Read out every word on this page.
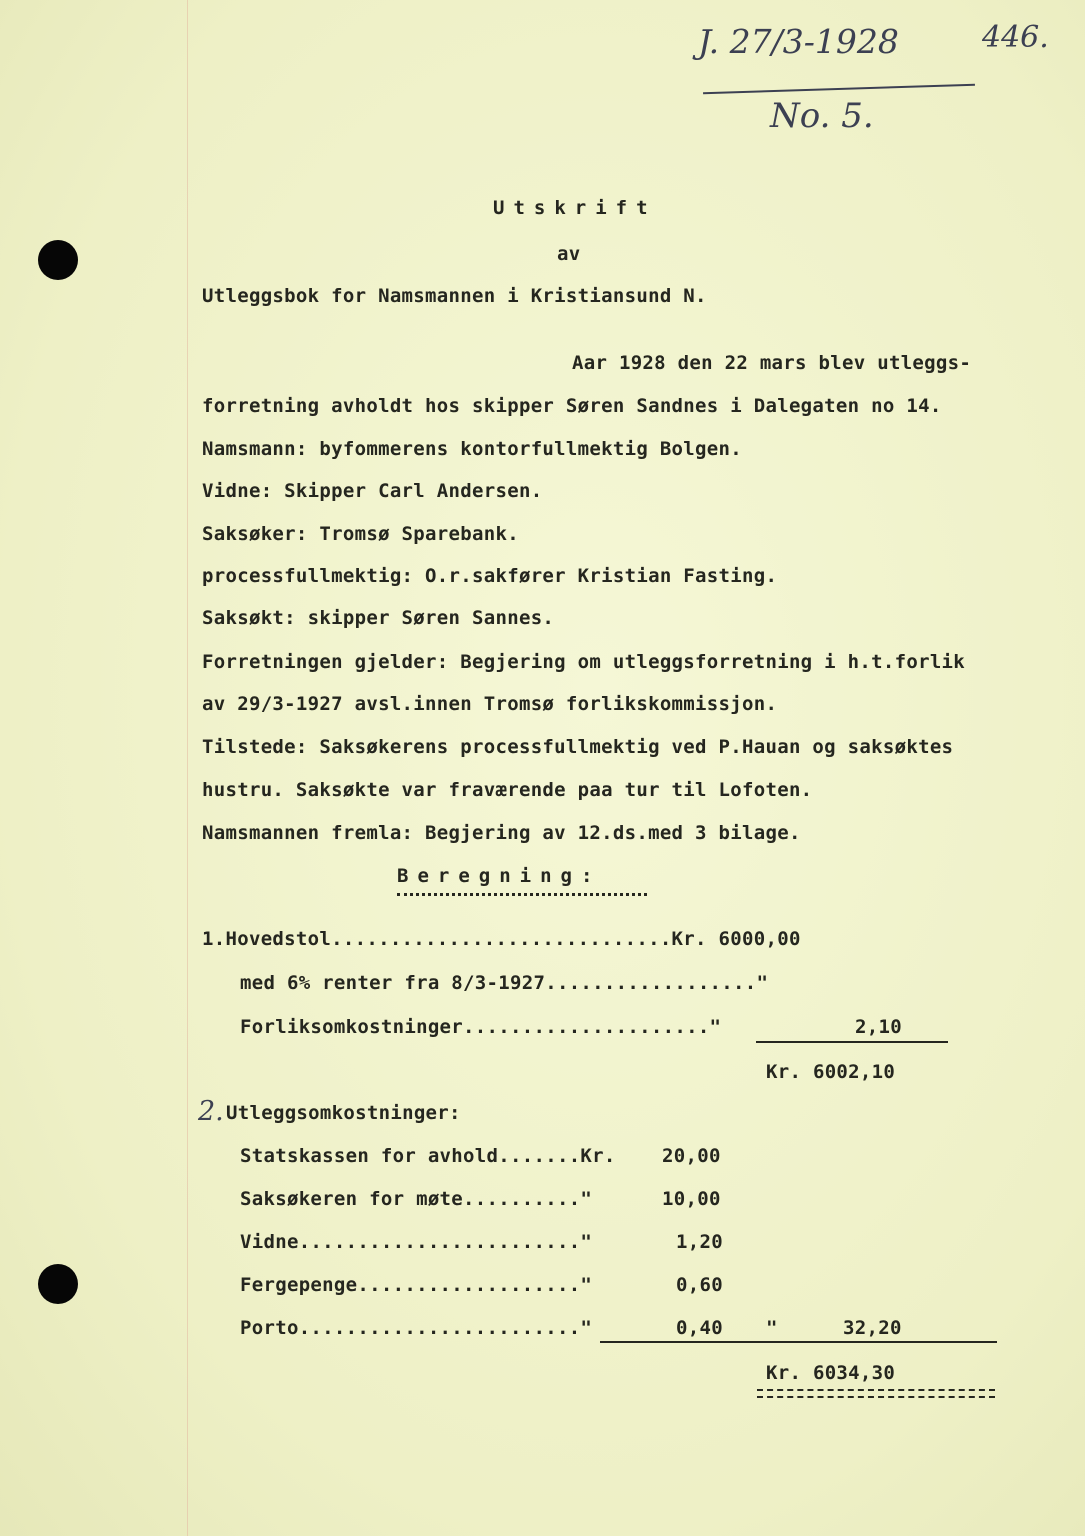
J. 27/3-1928	446.
No. 5.
Utskrift
av
Utleggsbok for Namsmannen i Kristiansund N.
Aar 1928 den 22 mars blev utleggs-
forretning avholdt hos skipper Søren Sandnes i Dalegaten no 14.
Namsmann: byfommerens kontorfullmektig Bolgen.
Vidne: Skipper Carl Andersen.
Saksøker: Tromsø Sparebank.
processfullmektig: O.r.sakfører Kristian Fasting.
Saksøkt: skipper Søren Sannes.
Forretningen gjelder: Begjering om utleggsforretning i h.t.forlik
av 29/3-1927 avsl.innen Tromsø forlikskommissjon.
Tilstede: Saksøkerens processfullmektig ved P.Hauan og saksøktes
hustru. Saksøkte var fraværende paa tur til Lofoten.
Namsmannen fremla: Begjering av 12.ds.med 3 bilage.
Beregning:
1.Hovedstol.............................Kr. 6000,00
med 6% renter fra 8/3-1927.................."
Forliksomkostninger....................."	2,10
Kr. 6002,10
2. Utleggsomkostninger:
Statskassen for avhold.......Kr. 20,00
Saksøkeren for møte.........."	10,00
Vidne........................"	1,20
Fergepenge..................."	0,60
Porto........................"	0,40 "	32,20
Kr. 6034,30
